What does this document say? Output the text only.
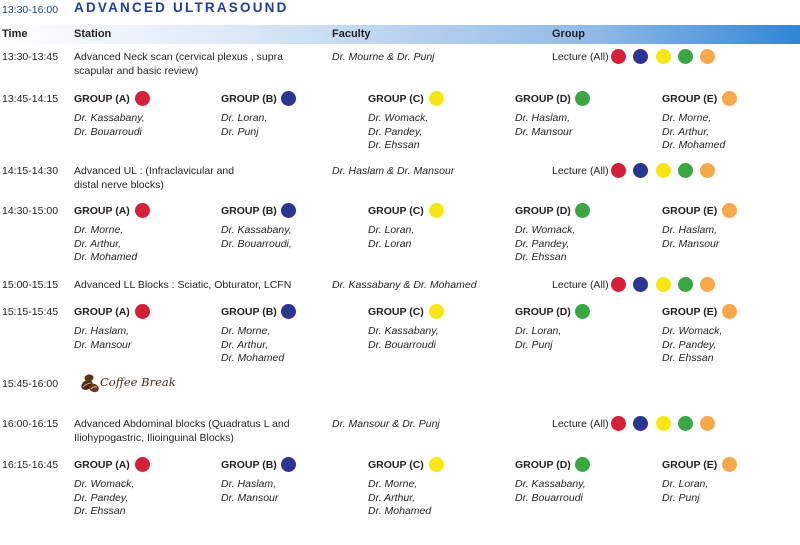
13:30-16:00 ADVANCED ULTRASOUND
Time	Station	Faculty	Group
13:30-13:45 Advanced Neck scan (cervical plexus , supra
scapular and basic review)
Dr. Mourne & Dr. Punj	Lecture (All)
13:45-14:15 GROUP (A)
Dr. Kassabany,
Dr. Bouarroudi
GROUP (B)
Dr. Loran,
Dr. Punj
GROUP (C)
Dr. Womack,
Dr. Pandey,
Dr. Ehssan
GROUP (D)
Dr. Haslam,
Dr. Mansour
GROUP (E)
Dr. Morne,
Dr. Arthur,
Dr. Mohamed
14:15-14:30 Advanced UL : (Infraclavicular and
distal nerve blocks)
Dr. Haslam & Dr. Mansour	Lecture (All)
14:30-15:00 GROUP (A)
Dr. Morne,
Dr. Arthur,
Dr. Mohamed
GROUP (B)
Dr. Kassabany,
Dr. Bouarroudi,
GROUP (C)
Dr. Loran,
Dr. Loran
GROUP (D)
Dr. Womack,
Dr. Pandey,
Dr. Ehssan
GROUP (E)
Dr. Haslam,
Dr. Mansour
15:00-15:15 Advanced LL Blocks : Sciatic, Obturator, LCFN	Dr. Kassabany & Dr. Mohamed	Lecture (All)
15:15-15:45 GROUP (A)
Dr. Haslam,
Dr. Mansour
GROUP (B)
Dr. Morne,
Dr. Arthur,
Dr. Mohamed
GROUP (C)
Dr. Kassabany,
Dr. Bouarroudi
GROUP (D)
Dr. Loran,
Dr. Punj
GROUP (E)
Dr. Womack,
Dr. Pandey,
Dr. Ehssan
15:45-16:00	Coffee Break
16:00-16:15 Advanced Abdominal blocks (Quadratus L and
Iliohypogastric, Ilioinguinal Blocks)
Dr. Mansour & Dr. Punj	Lecture (All)
16:15-16:45 GROUP (A)
Dr. Womack,
Dr. Pandey,
Dr. Ehssan
GROUP (B)
Dr. Haslam,
Dr. Mansour
GROUP (C)
Dr. Morne,
Dr. Arthur,
Dr. Mohamed
GROUP (D)
Dr. Kassabany,
Dr. Bouarroudi
GROUP (E)
Dr. Loran,
Dr. Punj
